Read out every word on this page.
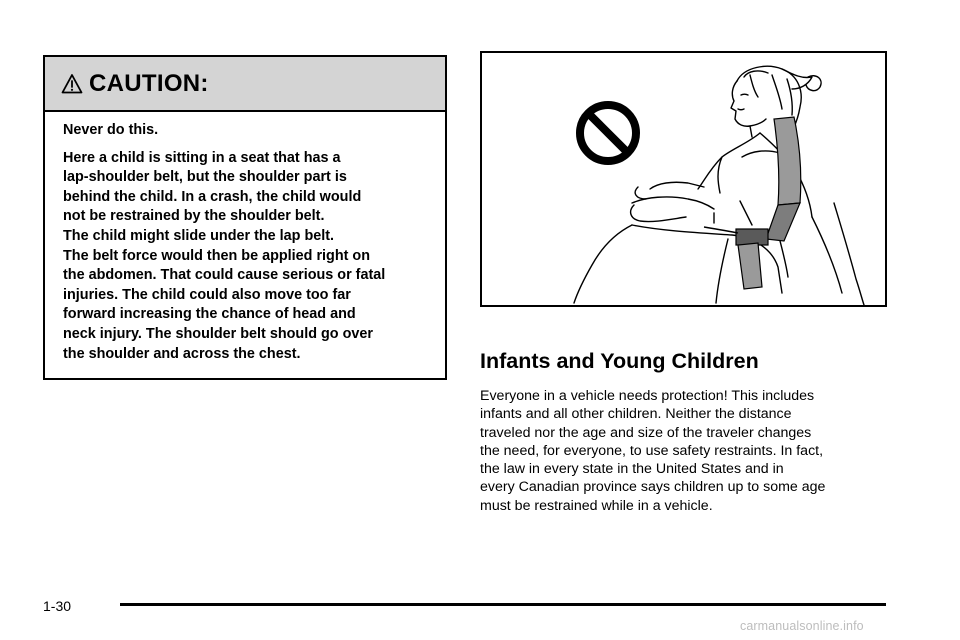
CAUTION:

Never do this.

Here a child is sitting in a seat that has a
lap-shoulder belt, but the shoulder part is
behind the child. In a crash, the child would
not be restrained by the shoulder belt.
The child might slide under the lap belt.
The belt force would then be applied right on
the abdomen. That could cause serious or fatal
injuries. The child could also move too far
forward increasing the chance of head and
neck injury. The shoulder belt should go over
the shoulder and across the chest.	Infants and Young Children

Everyone in a vehicle needs protection! This includes
infants and all other children. Neither the distance
traveled nor the age and size of the traveler changes
the need, for everyone, to use safety restraints. In fact,
the law in every state in the United States and in
every Canadian province says children up to some age
must be restrained while in a vehicle.

1-30
carmanualsonline.info
